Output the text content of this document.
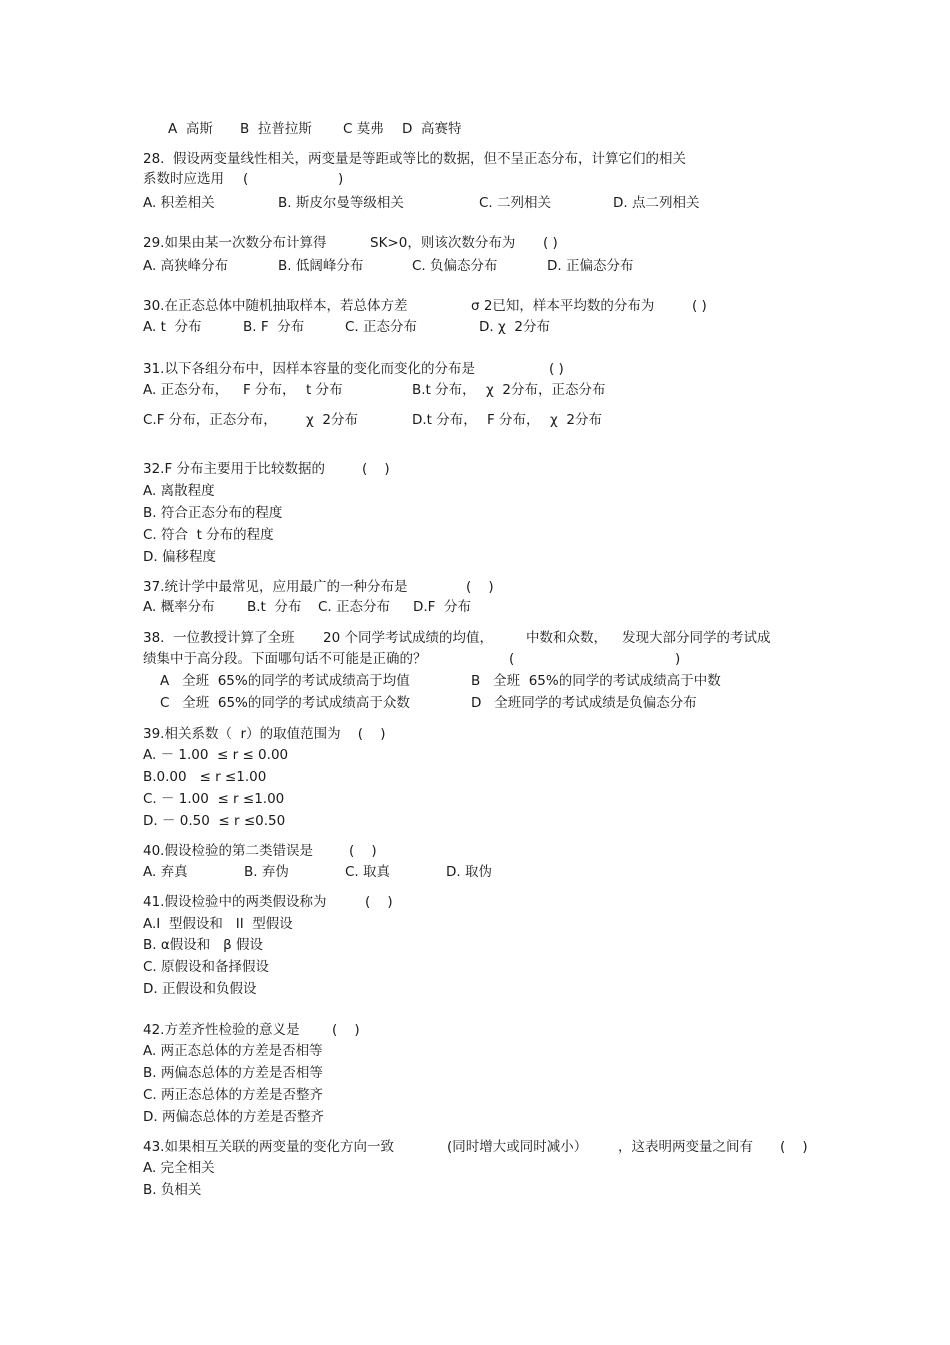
A  高斯 B  拉普拉斯 C 莫弗 D  高赛特
28.  假设两变量线性相关，两变量是等距或等比的数据，但不呈正态分布，计算它们的相关
系数时应选用 (	)
A. 积差相关	B. 斯皮尔曼等级相关	C. 二列相关	D. 点二列相关
29.如果由某一次数分布计算得	SK>0，则该次数分布为 ( )
A. 高狭峰分布	B. 低阔峰分布	C. 负偏态分布	D. 正偏态分布
30.在正态总体中随机抽取样本，若总体方差	σ 2已知，样本平均数的分布为	( )
A. t  分布	B. F  分布	C. 正态分布	D. χ  2分布
31.以下各组分布中，因样本容量的变化而变化的分布是	( )
A. 正态分布， F 分布， t 分布	B.t 分布， χ  2分布，正态分布
C.F 分布，正态分布， χ  2分布	D.t 分布， F 分布， χ  2分布
32.F 分布主要用于比较数据的	(    )
A. 离散程度
B. 符合正态分布的程度
C. 符合  t 分布的程度
D. 偏移程度
37.统计学中最常见，应用最广的一种分布是	(    )
A. 概率分布 B.t  分布 C. 正态分布 D.F  分布
38.  一位教授计算了全班 20 个同学考试成绩的均值， 中数和众数， 发现大部分同学的考试成
绩集中于高分段。下面哪句话不可能是正确的？	(	)
A   全班  65%的同学的考试成绩高于均值	B   全班  65%的同学的考试成绩高于中数
C   全班  65%的同学的考试成绩高于众数	D   全班同学的考试成绩是负偏态分布
39.相关系数（  r）的取值范围为    (    )
A. － 1.00  ≤ r ≤ 0.00
B.0.00   ≤ r ≤1.00
C. － 1.00  ≤ r ≤1.00
D. － 0.50  ≤ r ≤0.50
40.假设检验的第二类错误是	(    )
A. 弃真	B. 弃伪	C. 取真	D. 取伪
41.假设检验中的两类假设称为	(    )
A.I  型假设和   II  型假设
B. α假设和   β 假设
C. 原假设和备择假设
D. 正假设和负假设
42.方差齐性检验的意义是 (    )
A. 两正态总体的方差是否相等
B. 两偏态总体的方差是否相等
C. 两正态总体的方差是否整齐
D. 两偏态总体的方差是否整齐
43.如果相互关联的两变量的变化方向一致	(同时增大或同时减小） ，这表明两变量之间有 (    )
A. 完全相关
B. 负相关
